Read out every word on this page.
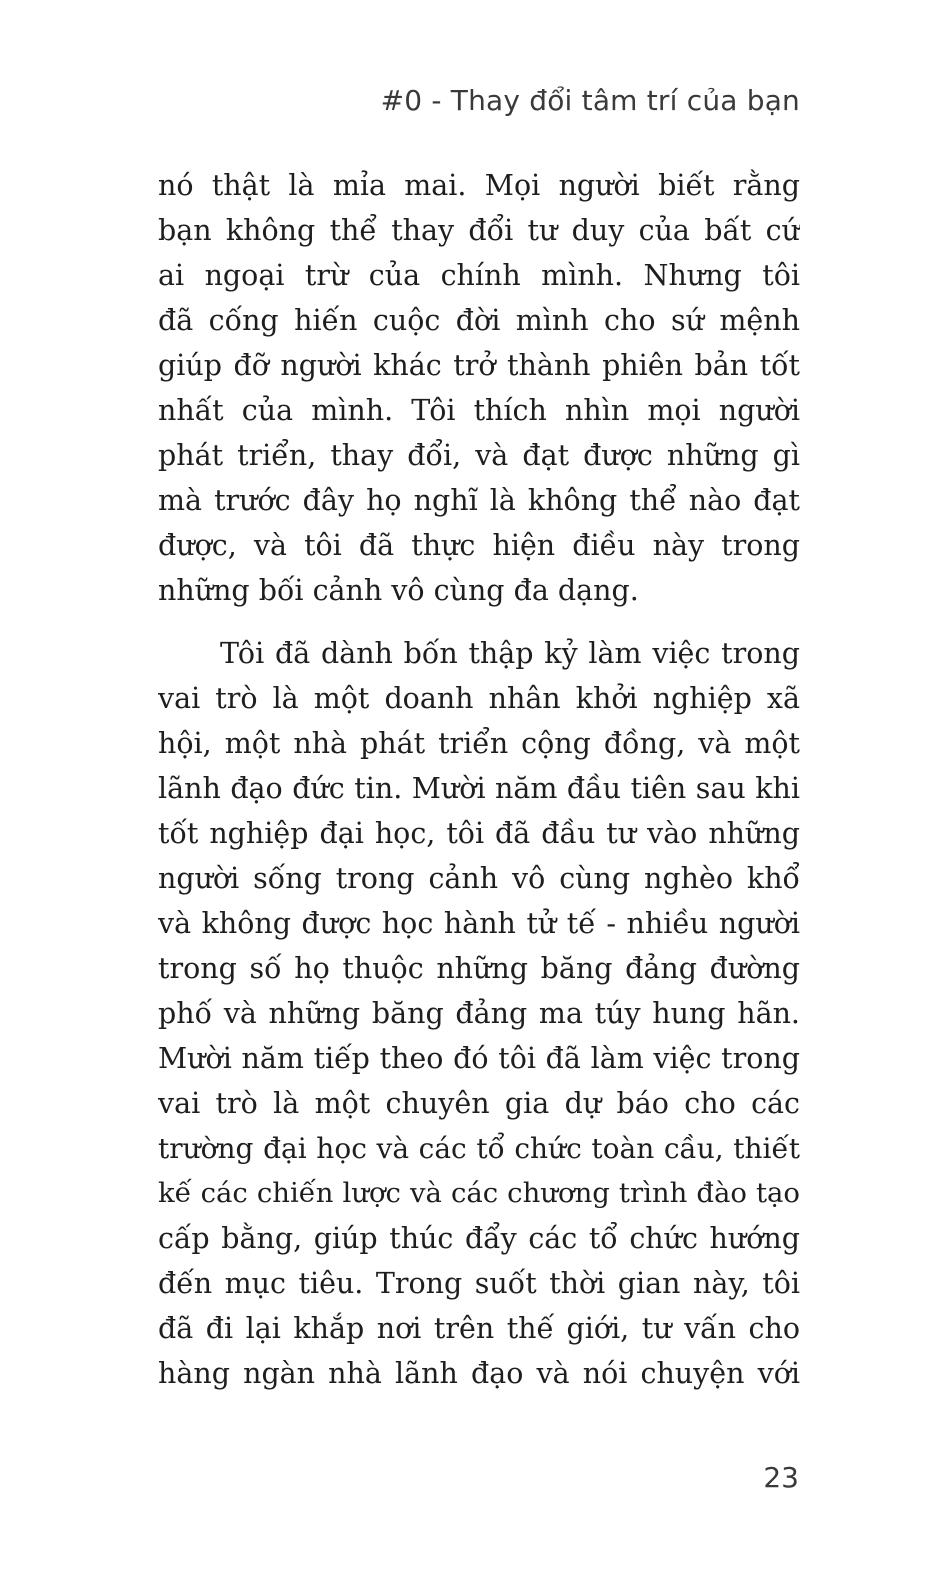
#0 - Thay đổi tâm trí của bạn
nó thật là mỉa mai. Mọi người biết rằng
bạn không thể thay đổi tư duy của bất cứ
ai ngoại trừ của chính mình. Nhưng tôi
đã cống hiến cuộc đời mình cho sứ mệnh
giúp đỡ người khác trở thành phiên bản tốt
nhất của mình. Tôi thích nhìn mọi người
phát triển, thay đổi, và đạt được những gì
mà trước đây họ nghĩ là không thể nào đạt
được, và tôi đã thực hiện điều này trong
những bối cảnh vô cùng đa dạng.
Tôi đã dành bốn thập kỷ làm việc trong
vai trò là một doanh nhân khởi nghiệp xã
hội, một nhà phát triển cộng đồng, và một
lãnh đạo đức tin. Mười năm đầu tiên sau khi
tốt nghiệp đại học, tôi đã đầu tư vào những
người sống trong cảnh vô cùng nghèo khổ
và không được học hành tử tế - nhiều người
trong số họ thuộc những băng đảng đường
phố và những băng đảng ma túy hung hãn.
Mười năm tiếp theo đó tôi đã làm việc trong
vai trò là một chuyên gia dự báo cho các
trường đại học và các tổ chức toàn cầu, thiết
kế các chiến lược và các chương trình đào tạo
cấp bằng, giúp thúc đẩy các tổ chức hướng
đến mục tiêu. Trong suốt thời gian này, tôi
đã đi lại khắp nơi trên thế giới, tư vấn cho
hàng ngàn nhà lãnh đạo và nói chuyện với
23
